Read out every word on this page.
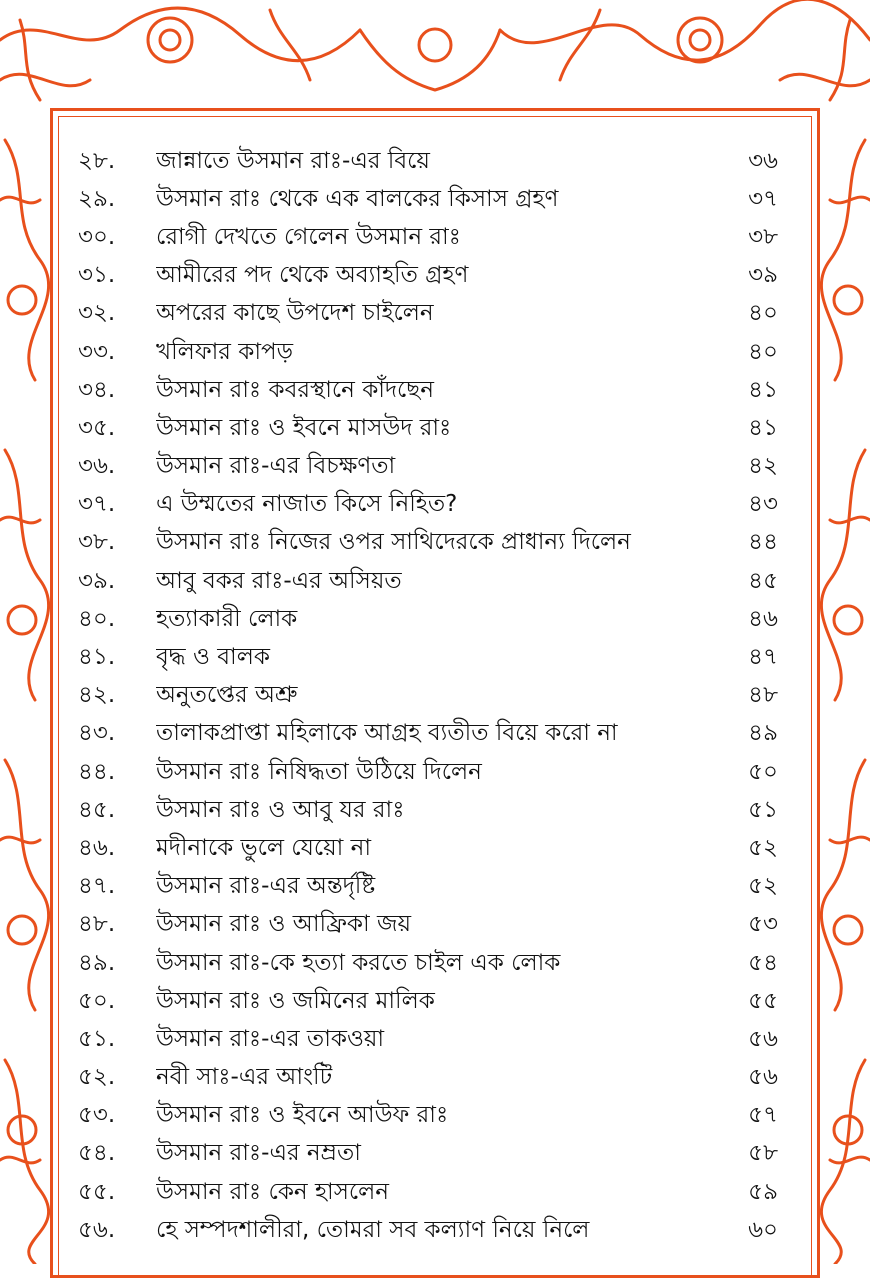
২৮.	জান্নাতে উসমান রাঃ-এর বিয়ে	৩৬
২৯.	উসমান রাঃ থেকে এক বালকের কিসাস গ্রহণ	৩৭
৩০.	রোগী দেখতে গেলেন উসমান রাঃ	৩৮
৩১.	আমীরের পদ থেকে অব্যাহতি গ্রহণ	৩৯
৩২.	অপরের কাছে উপদেশ চাইলেন	৪০
৩৩.	খলিফার কাপড়	৪০
৩৪.	উসমান রাঃ কবরস্থানে কাঁদছেন	৪১
৩৫.	উসমান রাঃ ও ইবনে মাসউদ রাঃ	৪১
৩৬.	উসমান রাঃ-এর বিচক্ষণতা	৪২
৩৭.	এ উম্মতের নাজাত কিসে নিহিত?	৪৩
৩৮.	উসমান রাঃ নিজের ওপর সাথিদেরকে প্রাধান্য দিলেন	৪৪
৩৯.	আবু বকর রাঃ-এর অসিয়ত	৪৫
৪০.	হত্যাকারী লোক	৪৬
৪১.	বৃদ্ধ ও বালক	৪৭
৪২.	অনুতপ্তের অশ্রু	৪৮
৪৩.	তালাকপ্রাপ্তা মহিলাকে আগ্রহ ব্যতীত বিয়ে করো না	৪৯
৪৪.	উসমান রাঃ নিষিদ্ধতা উঠিয়ে দিলেন	৫০
৪৫.	উসমান রাঃ ও আবু যর রাঃ	৫১
৪৬.	মদীনাকে ভুলে যেয়ো না	৫২
৪৭.	উসমান রাঃ-এর অন্তর্দৃষ্টি	৫২
৪৮.	উসমান রাঃ ও আফ্রিকা জয়	৫৩
৪৯.	উসমান রাঃ-কে হত্যা করতে চাইল এক লোক	৫৪
৫০.	উসমান রাঃ ও জমিনের মালিক	৫৫
৫১.	উসমান রাঃ-এর তাকওয়া	৫৬
৫২.	নবী সাঃ-এর আংটি	৫৬
৫৩.	উসমান রাঃ ও ইবনে আউফ রাঃ	৫৭
৫৪.	উসমান রাঃ-এর নম্রতা	৫৮
৫৫.	উসমান রাঃ কেন হাসলেন	৫৯
৫৬.	হে সম্পদশালীরা, তোমরা সব কল্যাণ নিয়ে নিলে	৬০
